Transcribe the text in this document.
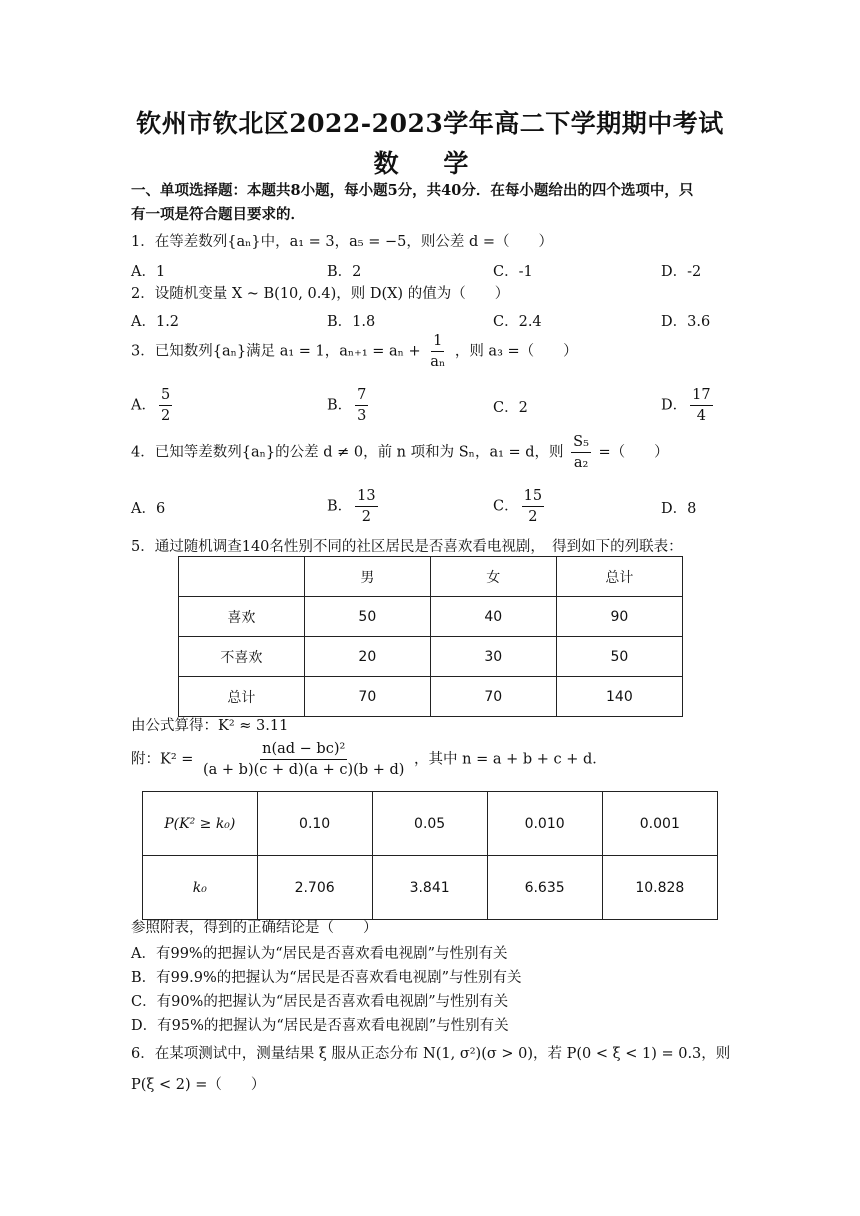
钦州市钦北区2022-2023学年高二下学期期中考试
数 学
一、单项选择题：本题共8小题，每小题5分，共40分．在每小题给出的四个选项中，只
有一项是符合题目要求的．
1．在等差数列{aₙ}中，a₁ = 3，a₅ = −5，则公差 d =（　　）
A．1	B．2	C．-1	D．-2
2．设随机变量 X ~ B(10, 0.4)，则 D(X) 的值为（　　）
A．1.2	B．1.8	C．2.4	D．3.6
3．已知数列{aₙ}满足 a₁ = 1，$a_{n+1} = a_n + \frac{1}{\text{aₙ}}$ ，则 a₃ =（　　）
A． $\frac{5}{2}$	B． $\frac{7}{3}$	C．2	D． $\frac{17}{4}$
4．已知等差数列{aₙ}的公差 d ≠ 0，前 n 项和为 Sₙ，a₁ = d，则 $\frac{\text{S₅}}{\text{a₂}}$ =（　　）
A．6	B． $\frac{13}{2}$	C． $\frac{15}{2}$	D．8
5．通过随机调查140名性别不同的社区居民是否喜欢看电视剧，　得到如下的列联表：
	男	女	总计
喜欢	50	40	90
不喜欢	20	30	50
总计	70	70	140
由公式算得：K² ≈ 3.11
附：$K^2 = \frac{\text{n(ad − bc)²}}{(a + b)(c + d)(a + c)(b + d)}$ ，其中 n = a + b + c + d．
P(K² ≥ k₀)	0.10	0.05	0.010	0.001
k₀	2.706	3.841	6.635	10.828
参照附表，得到的正确结论是（　　）
A．有99%的把握认为“居民是否喜欢看电视剧”与性别有关
B．有99.9%的把握认为“居民是否喜欢看电视剧”与性别有关
C．有90%的把握认为“居民是否喜欢看电视剧”与性别有关
D．有95%的把握认为“居民是否喜欢看电视剧”与性别有关
6．在某项测试中，测量结果 ξ 服从正态分布 N(1, σ²)(σ > 0)，若 P(0 < ξ < 1) = 0.3，则
P(ξ < 2) =（　　）
